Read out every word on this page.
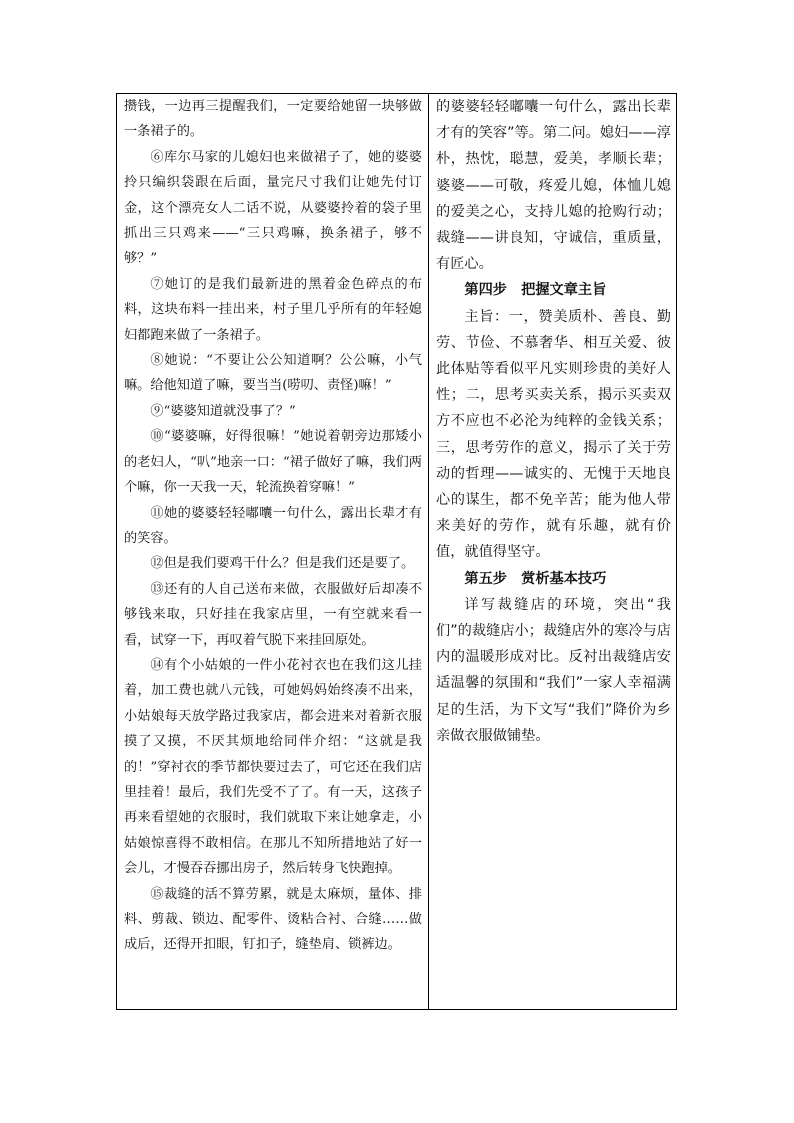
攒钱，一边再三提醒我们，一定要给她留一块够做一条裙子的。

⑥库尔马家的儿媳妇也来做裙子了，她的婆婆拎只编织袋跟在后面，量完尺寸我们让她先付订金，这个漂亮女人二话不说，从婆婆拎着的袋子里抓出三只鸡来——“三只鸡嘛，换条裙子，够不够？”

⑦她订的是我们最新进的黑着金色碎点的布料，这块布料一挂出来，村子里几乎所有的年轻媳妇都跑来做了一条裙子。

⑧她说：“不要让公公知道啊？公公嘛，小气嘛。给他知道了嘛，要当当(唠叨、责怪)嘛！”

⑨“婆婆知道就没事了？”

⑩“婆婆嘛，好得很嘛！”她说着朝旁边那矮小的老妇人，“叭”地亲一口：“裙子做好了嘛，我们两个嘛，你一天我一天，轮流换着穿嘛！”

⑪她的婆婆轻轻嘟囔一句什么，露出长辈才有的笑容。

⑫但是我们要鸡干什么？但是我们还是要了。

⑬还有的人自己送布来做，衣服做好后却凑不够钱来取，只好挂在我家店里，一有空就来看一看，试穿一下，再叹着气脱下来挂回原处。

⑭有个小姑娘的一件小花衬衣也在我们这儿挂着，加工费也就八元钱，可她妈妈始终凑不出来，小姑娘每天放学路过我家店，都会进来对着新衣服摸了又摸，不厌其烦地给同伴介绍：“这就是我的！”穿衬衣的季节都快要过去了，可它还在我们店里挂着！最后，我们先受不了了。有一天，这孩子再来看望她的衣服时，我们就取下来让她拿走，小姑娘惊喜得不敢相信。在那儿不知所措地站了好一会儿，才慢吞吞挪出房子，然后转身飞快跑掉。

⑮裁缝的活不算劳累，就是太麻烦，量体、排料、剪裁、锁边、配零件、烫粘合衬、合缝……做成后，还得开扣眼，钉扣子，缝垫肩、锁裤边。

的婆婆轻轻嘟囔一句什么，露出长辈才有的笑容”等。第二问。媳妇——淳朴，热忱，聪慧，爱美，孝顺长辈；婆婆——可敬，疼爱儿媳，体恤儿媳的爱美之心，支持儿媳的抢购行动；裁缝——讲良知，守诚信，重质量，有匠心。

第四步　把握文章主旨

主旨：一，赞美质朴、善良、勤劳、节俭、不慕奢华、相互关爱、彼此体贴等看似平凡实则珍贵的美好人性；二，思考买卖关系，揭示买卖双方不应也不必沦为纯粹的金钱关系；三，思考劳作的意义，揭示了关于劳动的哲理——诚实的、无愧于天地良心的谋生，都不免辛苦；能为他人带来美好的劳作，就有乐趣，就有价值，就值得坚守。

第五步　赏析基本技巧

详写裁缝店的环境，突出“我们”的裁缝店小；裁缝店外的寒冷与店内的温暖形成对比。反衬出裁缝店安适温馨的氛围和“我们”一家人幸福满足的生活，为下文写“我们”降价为乡亲做衣服做铺垫。
